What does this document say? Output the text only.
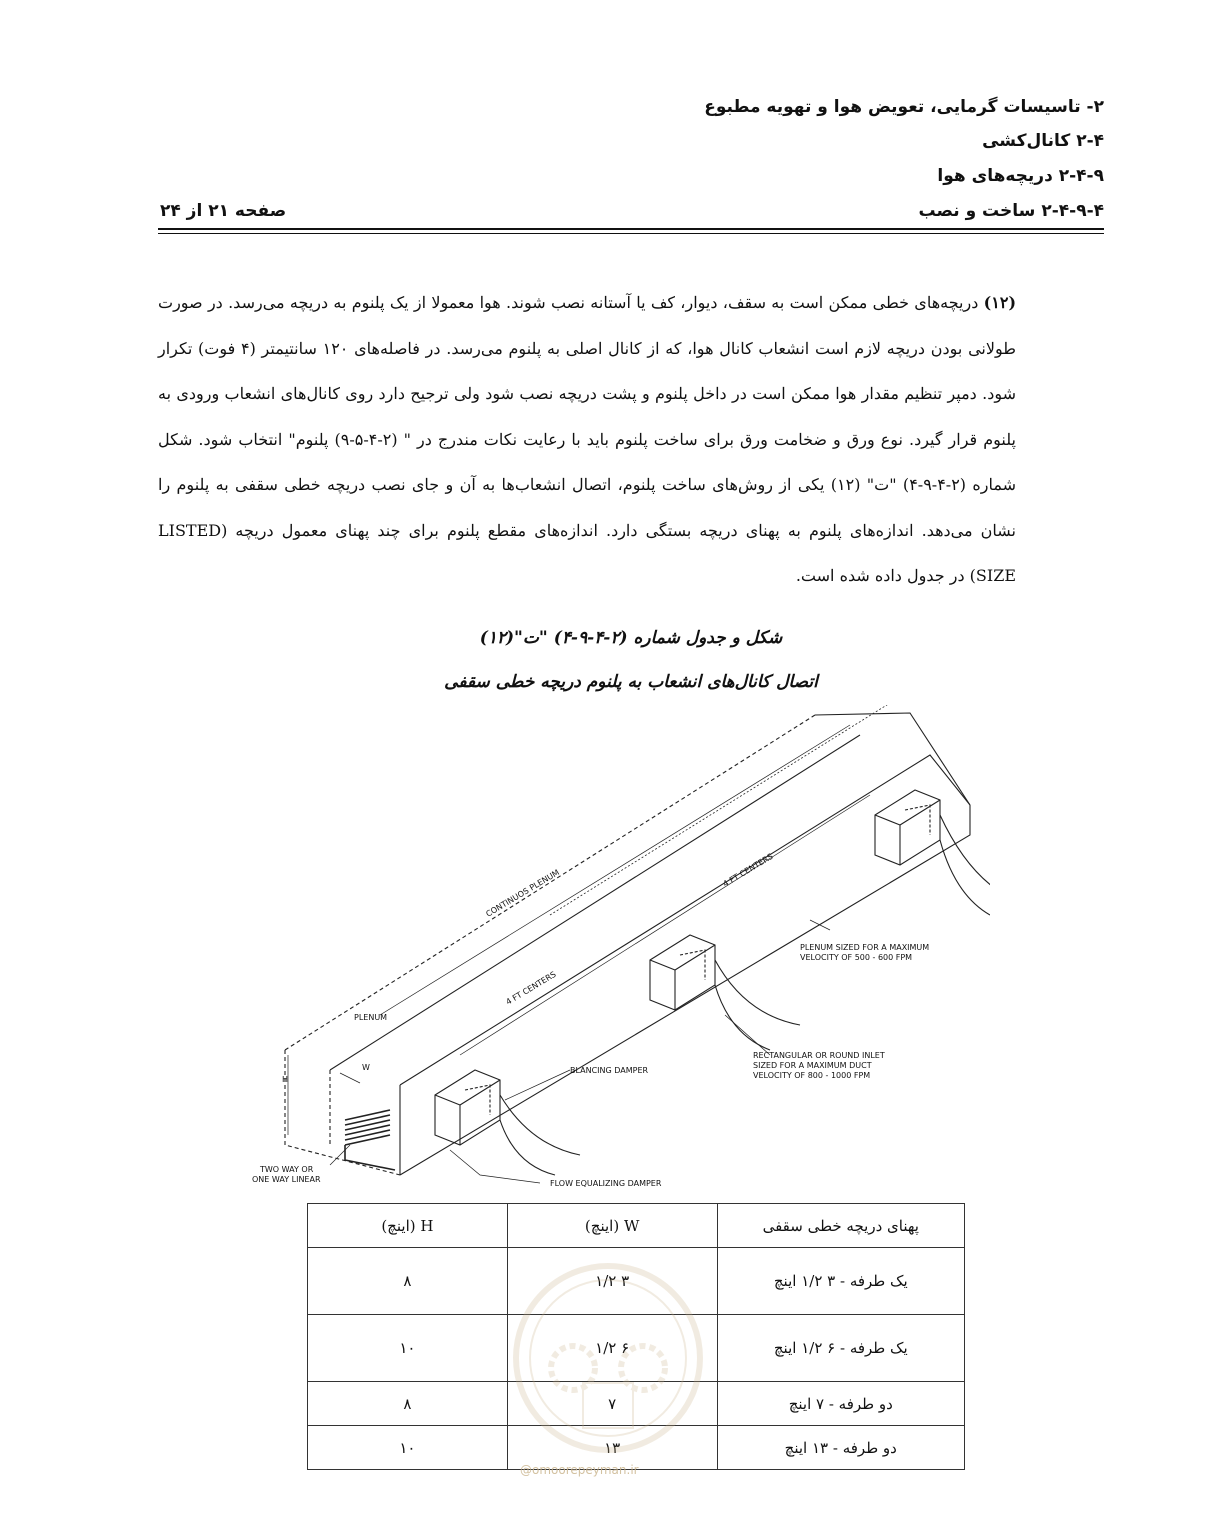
۲- تاسیسات گرمایی، تعویض هوا و تهویه مطبوع
۲-۴ کانال‌کشی
۲-۴-۹ دریچه‌های هوا
۲-۴-۹-۴ ساخت و نصب
صفحه ۲۱ از ۲۴
(۱۲) دریچه‌های خطی ممکن است به سقف، دیوار، کف یا آستانه نصب شوند. هوا معمولا از یک پلنوم به دریچه می‌رسد. در صورت طولانی بودن دریچه لازم است انشعاب کانال هوا، که از کانال اصلی به پلنوم می‌رسد. در فاصله‌های ۱۲۰ سانتیمتر (۴ فوت) تکرار شود. دمپر تنظیم مقدار هوا ممکن است در داخل پلنوم و پشت دریچه نصب شود ولی ترجیح دارد روی کانال‌های انشعاب ورودی به پلنوم قرار گیرد. نوع ورق و ضخامت ورق برای ساخت پلنوم باید با رعایت نکات مندرج در " (۲-۴-۵-۹) پلنوم" انتخاب شود. شکل شماره (۲-۴-۹-۴) "ت" (۱۲) یکی از روش‌های ساخت پلنوم، اتصال انشعاب‌ها به آن و جای نصب دریچه خطی سقفی به پلنوم را نشان می‌دهد. اندازه‌های پلنوم به پهنای دریچه بستگی دارد. اندازه‌های مقطع پلنوم برای چند پهنای معمول دریچه (LISTED SIZE) در جدول داده شده است.
شکل و جدول شماره (۲-۴-۹-۴) "ت"(۱۲)
اتصال کانال‌های انشعاب به پلنوم دریچه خطی سقفی
CONTINUOS PLENUM	4 FT CENTERS
4 FT CENTERS
PLENUM
W
H
BLANCING DAMPER
PLENUM SIZED FOR A MAXIMUM
VELOCITY OF 500 - 600 FPM
RECTANGULAR OR ROUND INLET
SIZED FOR A MAXIMUM DUCT
VELOCITY OF 800 - 1000 FPM
TWO WAY OR
ONE WAY LINEAR	FLOW EQUALIZING DAMPER
پهنای دریچه خطی سقفی	W (اینچ)	H (اینچ)
یک طرفه - ۳ ۱/۲ اینچ	۳ ۱/۲	۸
یک طرفه - ۶ ۱/۲ اینچ	۶ ۱/۲	۱۰
دو طرفه - ۷ اینچ	۷	۸
دو طرفه - ۱۳ اینچ	۱۳	۱۰
@omoorepeyman.ir
